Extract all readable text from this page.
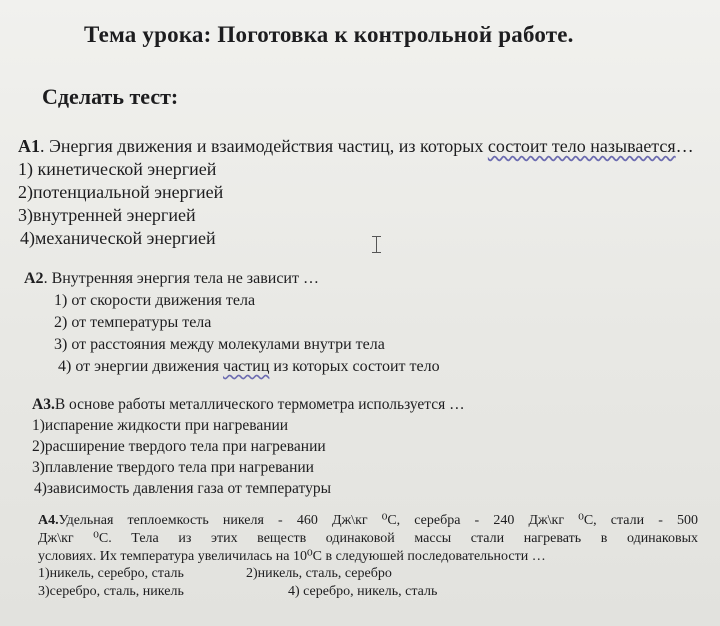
Тема урока: Поготовка к контрольной работе.
Сделать тест:
А1. Энергия движения и взаимодействия частиц, из которых состоит тело называется…
1) кинетической энергией
2)потенциальной энергией
3)внутренней энергией
4)механической энергией
А2. Внутренняя энергия тела не зависит …
1) от скорости движения тела
2) от температуры тела
3) от расстояния между молекулами внутри тела
4) от энергии движения частиц из которых состоит тело
А3.В основе работы металлического термометра используется …
1)испарение жидкости при нагревании
2)расширение твердого тела при нагревании
3)плавление твердого тела при нагревании
4)зависимость давления газа от температуры
А4.Удельная теплоемкость никеля - 460 Дж\кг ⁰С, серебра - 240 Дж\кг ⁰С, стали - 500
Дж\кг ⁰С. Тела из этих веществ одинаковой массы стали нагревать в одинаковых
условиях. Их температура увеличилась на 10⁰С в следуюшей последовательности …
1)никель, серебро, сталь	2)никель, сталь, серебро
3)серебро, сталь, никель	4) серебро, никель, сталь
